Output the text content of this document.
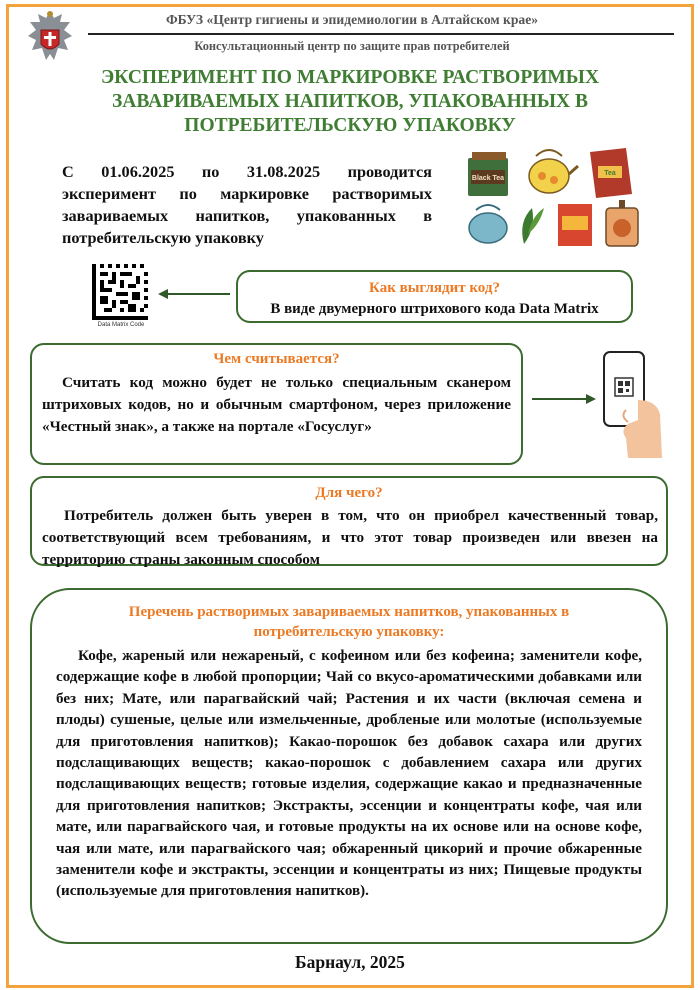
ФБУЗ «Центр гигиены и эпидемиологии в Алтайском крае»
Консультационный центр по защите прав потребителей
ЭКСПЕРИМЕНТ ПО МАРКИРОВКЕ РАСТВОРИМЫХ ЗАВАРИВАЕМЫХ НАПИТКОВ, УПАКОВАННЫХ В ПОТРЕБИТЕЛЬСКУЮ УПАКОВКУ
С 01.06.2025 по 31.08.2025 проводится эксперимент по маркировке растворимых завариваемых напитков, упакованных в потребительскую упаковку
Black Tea
Tea
Data Matrix Code
Как выглядит код?
В виде двумерного штрихового кода Data Matrix
Чем считывается?
Считать код можно будет не только специальным сканером штриховых кодов, но и обычным смартфоном, через приложение «Честный знак», а также на портале «Госуслуг»
Для чего?
Потребитель должен быть уверен в том, что он приобрел качественный товар, соответствующий всем требованиям, и что этот товар произведен или ввезен на территорию страны законным способом
Перечень растворимых завариваемых напитков, упакованных в потребительскую упаковку:
Кофе, жареный или нежареный, с кофеином или без кофеина; заменители кофе, содержащие кофе в любой пропорции; Чай со вкусо-ароматическими добавками или без них; Мате, или парагвайский чай; Растения и их части (включая семена и плоды) сушеные, целые или измельченные, дробленые или молотые (используемые для приготовления напитков); Какао-порошок без добавок сахара или других подслащивающих веществ; какао-порошок с добавлением сахара или других подслащивающих веществ; готовые изделия, содержащие какао и предназначенные для приготовления напитков; Экстракты, эссенции и концентраты кофе, чая или мате, или парагвайского чая, и готовые продукты на их основе или на основе кофе, чая или мате, или парагвайского чая; обжаренный цикорий и прочие обжаренные заменители кофе и экстракты, эссенции и концентраты из них; Пищевые продукты (используемые для приготовления напитков).
Барнаул, 2025
